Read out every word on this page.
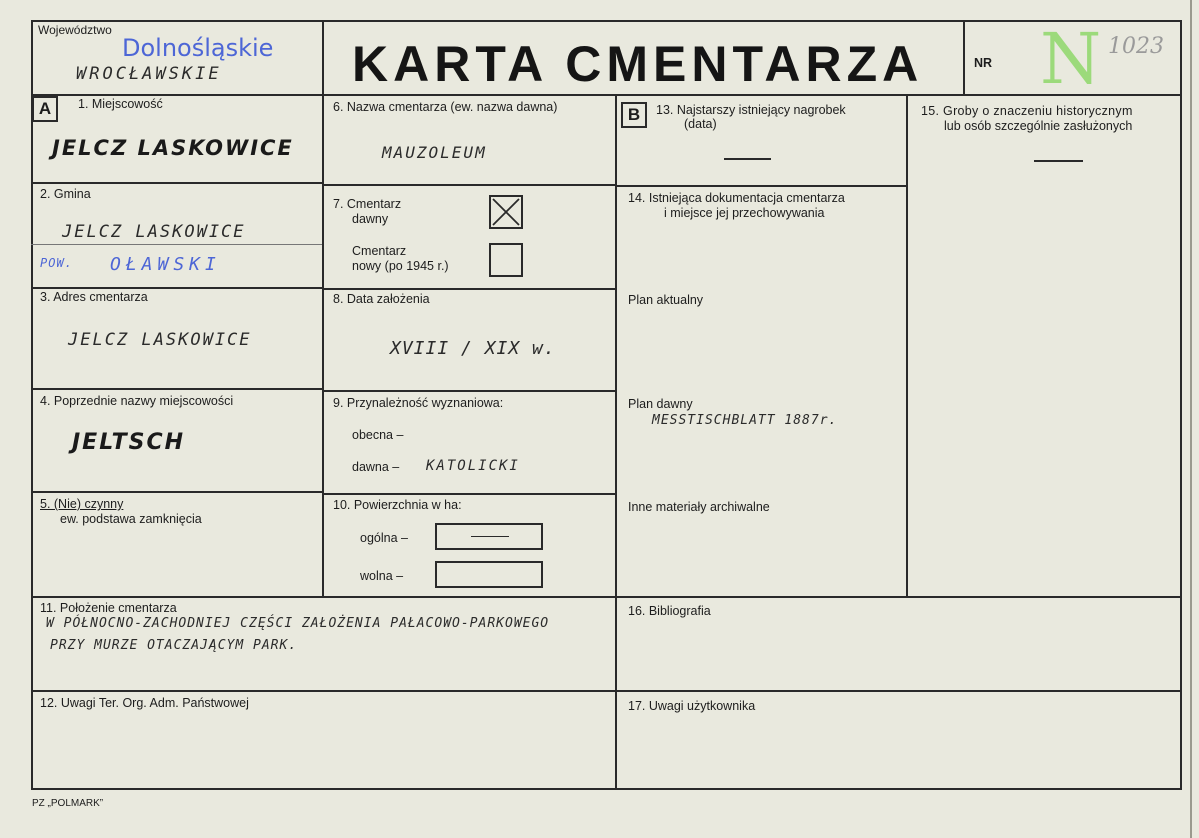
Województwo
Dolnośląskie
WROCŁAWSKIE	KARTA CMENTARZA	NR N 1023
A	1. Miejscowość
JELCZ LASKOWICE
2. Gmina
JELCZ LASKOWICE
POW. OŁAWSKI
3. Adres cmentarza
JELCZ LASKOWICE
4. Poprzednie nazwy miejscowości
JELTSCH
5. (Nie) czynny
ew. podstawa zamknięcia
6. Nazwa cmentarza (ew. nazwa dawna)
MAUZOLEUM
7. Cmentarz
dawny
Cmentarz
nowy (po 1945 r.)
8. Data założenia
XVIII / XIX w.
9. Przynależność wyznaniowa:
obecna –
dawna – KATOLICKI
10. Powierzchnia w ha:
ogólna –
wolna –
B	13. Najstarszy istniejący nagrobek
(data)
14. Istniejąca dokumentacja cmentarza
i miejsce jej przechowywania
Plan aktualny
Plan dawny
MESSTISCHBLATT 1887r.
Inne materiały archiwalne
15. Groby o znaczeniu historycznym
lub osób szczególnie zasłużonych
11. Położenie cmentarza
W PÓŁNOCNO-ZACHODNIEJ CZĘŚCI ZAŁOŻENIA PAŁACOWO-PARKOWEGO
PRZY MURZE OTACZAJĄCYM PARK.
16. Bibliografia
12. Uwagi Ter. Org. Adm. Państwowej	17. Uwagi użytkownika
PZ „POLMARK”
